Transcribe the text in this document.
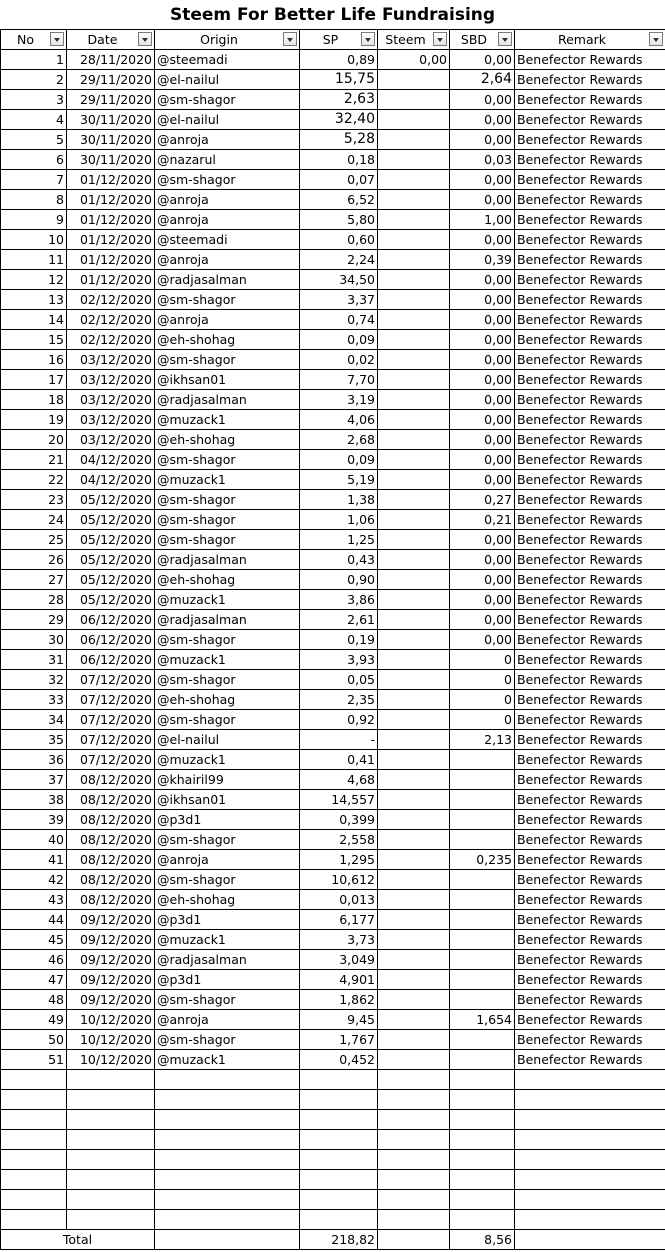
Steem For Better Life Fundraising
No	Date	Origin	SP	Steem	SBD	Remark

1	28/11/2020	@steemadi	0,89	0,00	0,00	Benefector Rewards
2	29/11/2020	@el-nailul	15,75		2,64	Benefector Rewards
3	29/11/2020	@sm-shagor	2,63		0,00	Benefector Rewards
4	30/11/2020	@el-nailul	32,40		0,00	Benefector Rewards
5	30/11/2020	@anroja	5,28		0,00	Benefector Rewards
6	30/11/2020	@nazarul	0,18		0,03	Benefector Rewards
7	01/12/2020	@sm-shagor	0,07		0,00	Benefector Rewards
8	01/12/2020	@anroja	6,52		0,00	Benefector Rewards
9	01/12/2020	@anroja	5,80		1,00	Benefector Rewards
10	01/12/2020	@steemadi	0,60		0,00	Benefector Rewards
11	01/12/2020	@anroja	2,24		0,39	Benefector Rewards
12	01/12/2020	@radjasalman	34,50		0,00	Benefector Rewards
13	02/12/2020	@sm-shagor	3,37		0,00	Benefector Rewards
14	02/12/2020	@anroja	0,74		0,00	Benefector Rewards
15	02/12/2020	@eh-shohag	0,09		0,00	Benefector Rewards
16	03/12/2020	@sm-shagor	0,02		0,00	Benefector Rewards
17	03/12/2020	@ikhsan01	7,70		0,00	Benefector Rewards
18	03/12/2020	@radjasalman	3,19		0,00	Benefector Rewards
19	03/12/2020	@muzack1	4,06		0,00	Benefector Rewards
20	03/12/2020	@eh-shohag	2,68		0,00	Benefector Rewards
21	04/12/2020	@sm-shagor	0,09		0,00	Benefector Rewards
22	04/12/2020	@muzack1	5,19		0,00	Benefector Rewards
23	05/12/2020	@sm-shagor	1,38		0,27	Benefector Rewards
24	05/12/2020	@sm-shagor	1,06		0,21	Benefector Rewards
25	05/12/2020	@sm-shagor	1,25		0,00	Benefector Rewards
26	05/12/2020	@radjasalman	0,43		0,00	Benefector Rewards
27	05/12/2020	@eh-shohag	0,90		0,00	Benefector Rewards
28	05/12/2020	@muzack1	3,86		0,00	Benefector Rewards
29	06/12/2020	@radjasalman	2,61		0,00	Benefector Rewards
30	06/12/2020	@sm-shagor	0,19		0,00	Benefector Rewards
31	06/12/2020	@muzack1	3,93		0	Benefector Rewards
32	07/12/2020	@sm-shagor	0,05		0	Benefector Rewards
33	07/12/2020	@eh-shohag	2,35		0	Benefector Rewards
34	07/12/2020	@sm-shagor	0,92		0	Benefector Rewards
35	07/12/2020	@el-nailul	-		2,13	Benefector Rewards
36	07/12/2020	@muzack1	0,41			Benefector Rewards
37	08/12/2020	@khairil99	4,68			Benefector Rewards
38	08/12/2020	@ikhsan01	14,557			Benefector Rewards
39	08/12/2020	@p3d1	0,399			Benefector Rewards
40	08/12/2020	@sm-shagor	2,558			Benefector Rewards
41	08/12/2020	@anroja	1,295		0,235	Benefector Rewards
42	08/12/2020	@sm-shagor	10,612			Benefector Rewards
43	08/12/2020	@eh-shohag	0,013			Benefector Rewards
44	09/12/2020	@p3d1	6,177			Benefector Rewards
45	09/12/2020	@muzack1	3,73			Benefector Rewards
46	09/12/2020	@radjasalman	3,049			Benefector Rewards
47	09/12/2020	@p3d1	4,901			Benefector Rewards
48	09/12/2020	@sm-shagor	1,862			Benefector Rewards
49	10/12/2020	@anroja	9,45		1,654	Benefector Rewards
50	10/12/2020	@sm-shagor	1,767			Benefector Rewards
51	10/12/2020	@muzack1	0,452			Benefector Rewards

Total			218,82		8,56	
